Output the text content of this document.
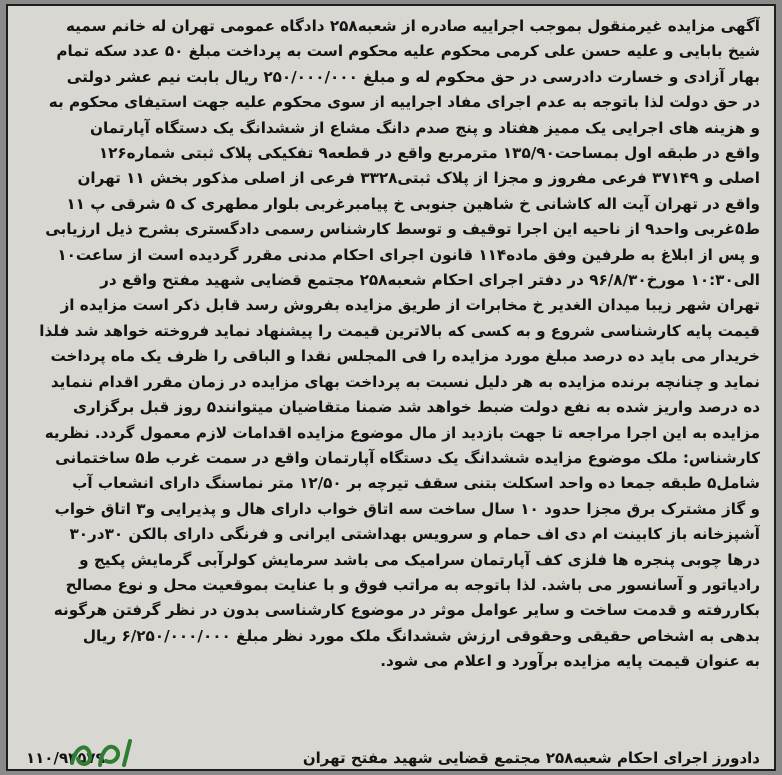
آگهی مزایده غیرمنقول بموجب اجراییه صادره از شعبه۲۵۸ دادگاه عمومی تهران له خانم سمیه
شیخ بابایی و علیه حسن علی کرمی محکوم علیه محکوم است به پرداخت مبلغ ۵۰ عدد سکه تمام
بهار آزادی و خسارت دادرسی در حق محکوم له و مبلغ ۲۵۰/۰۰۰/۰۰۰ ریال بابت نیم عشر دولتی
در حق دولت لذا باتوجه به عدم اجرای مفاد اجراییه از سوی محکوم علیه جهت استیفای محکوم به
و هزینه های اجرایی یک ممیز هفتاد و پنج صدم دانگ مشاع از ششدانگ یک دستگاه آپارتمان
واقع در طبقه اول بمساحت۱۳۵/۹۰ مترمربع واقع در قطعه۹ تفکیکی پلاک ثبتی شماره۱۲۶
اصلی و ۳۷۱۴۹ فرعی مفروز و مجزا از پلاک ثبتی۳۳۲۸ فرعی از اصلی مذکور بخش ۱۱ تهران
واقع در تهران آیت اله کاشانی خ شاهین جنوبی خ پیامبرغربی بلوار مطهری ک ۵ شرقی پ ۱۱
ط۵غربی واحد۹ از ناحیه این اجرا توقیف و توسط کارشناس رسمی دادگستری بشرح ذیل ارزیابی
و پس از ابلاغ به طرفین وفق ماده۱۱۴ قانون اجرای احکام مدنی مقرر گردیده است از ساعت۱۰
الی۱۰:۳۰ مورخ۹۶/۸/۳۰ در دفتر اجرای احکام شعبه۲۵۸ مجتمع قضایی شهید مفتح واقع در
تهران شهر زیبا میدان الغدیر خ مخابرات از طریق مزایده بفروش رسد قابل ذکر است مزایده از
قیمت پایه کارشناسی شروع و به کسی که بالاترین قیمت را پیشنهاد نماید فروخته خواهد شد فلذا
خریدار می باید ده درصد مبلغ مورد مزایده را فی المجلس نقدا و الباقی را ظرف یک ماه پرداخت
نماید و چنانچه برنده مزایده به هر دلیل نسبت به پرداخت بهای مزایده در زمان مقرر اقدام ننماید
ده درصد واریز شده به نفع دولت ضبط خواهد شد ضمنا متقاضیان میتوانند۵ روز قبل برگزاری
مزایده به این اجرا مراجعه تا جهت بازدید از مال موضوع مزایده اقدامات لازم معمول گردد. نظریه
کارشناس: ملک موضوع مزایده ششدانگ یک دستگاه آپارتمان واقع در سمت غرب ط۵ ساختمانی
شامل۵ طبقه جمعا ده واحد اسکلت بتنی سقف تیرچه بر ۱۲/۵۰ متر نماسنگ دارای انشعاب آب
و گاز مشترک برق مجزا حدود ۱۰ سال ساخت سه اتاق خواب دارای هال و پذیرایی و۳ اتاق خواب
آشپزخانه باز کابینت ام دی اف حمام و سرویس بهداشتی ایرانی و فرنگی دارای بالکن ۳۰در۳۰
درها چوبی پنجره ها فلزی کف آپارتمان سرامیک می باشد سرمایش کولرآبی گرمایش پکیج و
رادیاتور و آسانسور می باشد. لذا باتوجه به مراتب فوق و با عنایت بموقعیت محل و نوع مصالح
بکاررفته و قدمت ساخت و سایر عوامل موثر در موضوع کارشناسی بدون در نظر گرفتن هرگونه
بدهی به اشخاص حقیقی وحقوقی ارزش ششدانگ ملک مورد نظر مبلغ ۶/۲۵۰/۰۰۰/۰۰۰ ریال
به عنوان قیمت پایه مزایده برآورد و اعلام می شود.
دادورز اجرای احکام شعبه۲۵۸ مجتمع قضایی شهید مفتح تهران
۱۱۰/۹۳۵۷۹
